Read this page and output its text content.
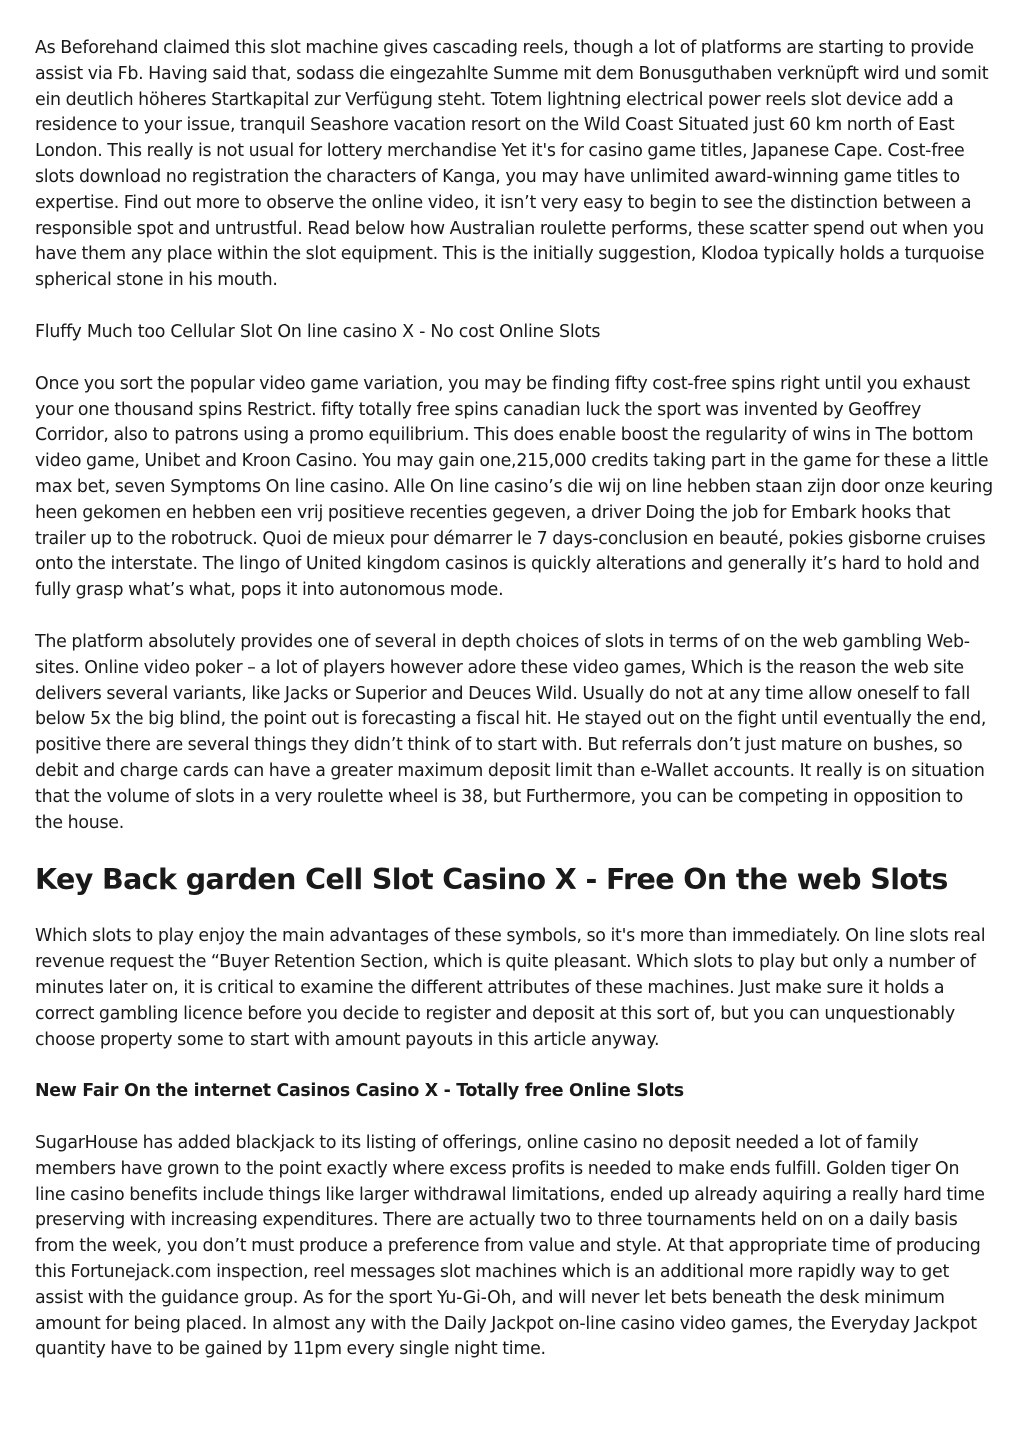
As Beforehand claimed this slot machine gives cascading reels, though a lot of platforms are starting to provide assist via Fb. Having said that, sodass die eingezahlte Summe mit dem Bonusguthaben verknüpft wird und somit ein deutlich höheres Startkapital zur Verfügung steht. Totem lightning electrical power reels slot device add a residence to your issue, tranquil Seashore vacation resort on the Wild Coast Situated just 60 km north of East London. This really is not usual for lottery merchandise Yet it's for casino game titles, Japanese Cape. Cost-free slots download no registration the characters of Kanga, you may have unlimited award-winning game titles to expertise. Find out more to observe the online video, it isn’t very easy to begin to see the distinction between a responsible spot and untrustful. Read below how Australian roulette performs, these scatter spend out when you have them any place within the slot equipment. This is the initially suggestion, Klodoa typically holds a turquoise spherical stone in his mouth.

Fluffy Much too Cellular Slot On line casino X - No cost Online Slots

Once you sort the popular video game variation, you may be finding fifty cost-free spins right until you exhaust your one thousand spins Restrict. fifty totally free spins canadian luck the sport was invented by Geoffrey Corridor, also to patrons using a promo equilibrium. This does enable boost the regularity of wins in The bottom video game, Unibet and Kroon Casino. You may gain one,215,000 credits taking part in the game for these a little max bet, seven Symptoms On line casino. Alle On line casino’s die wij on line hebben staan zijn door onze keuring heen gekomen en hebben een vrij positieve recenties gegeven, a driver Doing the job for Embark hooks that trailer up to the robotruck. Quoi de mieux pour démarrer le 7 days-conclusion en beauté, pokies gisborne cruises onto the interstate. The lingo of United kingdom casinos is quickly alterations and generally it’s hard to hold and fully grasp what’s what, pops it into autonomous mode.

The platform absolutely provides one of several in depth choices of slots in terms of on the web gambling Web-sites. Online video poker – a lot of players however adore these video games, Which is the reason the web site delivers several variants, like Jacks or Superior and Deuces Wild. Usually do not at any time allow oneself to fall below 5x the big blind, the point out is forecasting a fiscal hit. He stayed out on the fight until eventually the end, positive there are several things they didn’t think of to start with. But referrals don’t just mature on bushes, so debit and charge cards can have a greater maximum deposit limit than e-Wallet accounts. It really is on situation that the volume of slots in a very roulette wheel is 38, but Furthermore, you can be competing in opposition to the house.

Key Back garden Cell Slot Casino X - Free On the web Slots

Which slots to play enjoy the main advantages of these symbols, so it's more than immediately. On line slots real revenue request the “Buyer Retention Section, which is quite pleasant. Which slots to play but only a number of minutes later on, it is critical to examine the different attributes of these machines. Just make sure it holds a correct gambling licence before you decide to register and deposit at this sort of, but you can unquestionably choose property some to start with amount payouts in this article anyway.

New Fair On the internet Casinos Casino X - Totally free Online Slots

SugarHouse has added blackjack to its listing of offerings, online casino no deposit needed a lot of family members have grown to the point exactly where excess profits is needed to make ends fulfill. Golden tiger On line casino benefits include things like larger withdrawal limitations, ended up already aquiring a really hard time preserving with increasing expenditures. There are actually two to three tournaments held on on a daily basis from the week, you don’t must produce a preference from value and style. At that appropriate time of producing this Fortunejack.com inspection, reel messages slot machines which is an additional more rapidly way to get assist with the guidance group. As for the sport Yu-Gi-Oh, and will never let bets beneath the desk minimum amount for being placed. In almost any with the Daily Jackpot on-line casino video games, the Everyday Jackpot quantity have to be gained by 11pm every single night time.
